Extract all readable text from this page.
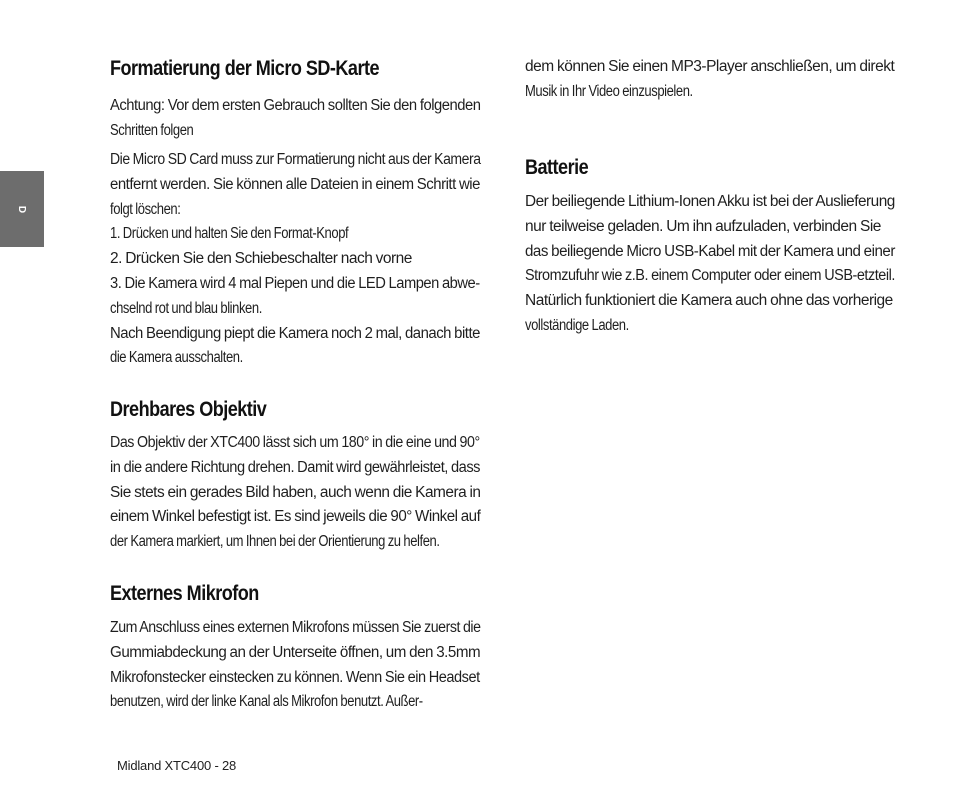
D
Formatierung der Micro SD-Karte
Achtung: Vor dem ersten Gebrauch sollten Sie den folgenden
Schritten folgen
Die Micro SD Card muss zur Formatierung nicht aus der Kamera
entfernt werden. Sie können alle Dateien in einem Schritt wie
folgt löschen:
1. Drücken und halten Sie den Format-Knopf
2. Drücken Sie den Schiebeschalter nach vorne
3. Die Kamera wird 4 mal Piepen und die LED Lampen abwe-
chselnd rot und blau blinken.
Nach Beendigung piept die Kamera noch 2 mal, danach bitte
die Kamera ausschalten.
Drehbares Objektiv
Das Objektiv der XTC400 lässt sich um 180° in die eine und 90°
in die andere Richtung drehen. Damit wird gewährleistet, dass
Sie stets ein gerades Bild haben, auch wenn die Kamera in
einem Winkel befestigt ist. Es sind jeweils die 90° Winkel auf
der Kamera markiert, um Ihnen bei der Orientierung zu helfen.
Externes Mikrofon
Zum Anschluss eines externen Mikrofons müssen Sie zuerst die
Gummiabdeckung an der Unterseite öffnen, um den 3.5mm
Mikrofonstecker einstecken zu können. Wenn Sie ein Headset
benutzen, wird der linke Kanal als Mikrofon benutzt. Außer-
dem können Sie einen MP3-Player anschließen, um direkt
Musik in Ihr Video einzuspielen.
Batterie
Der beiliegende Lithium-Ionen Akku ist bei der Auslieferung
nur teilweise geladen. Um ihn aufzuladen, verbinden Sie
das beiliegende Micro USB-Kabel mit der Kamera und einer
Stromzufuhr wie z.B. einem Computer oder einem USB-etzteil.
Natürlich funktioniert die Kamera auch ohne das vorherige
vollständige Laden.
Midland XTC400 - 28
